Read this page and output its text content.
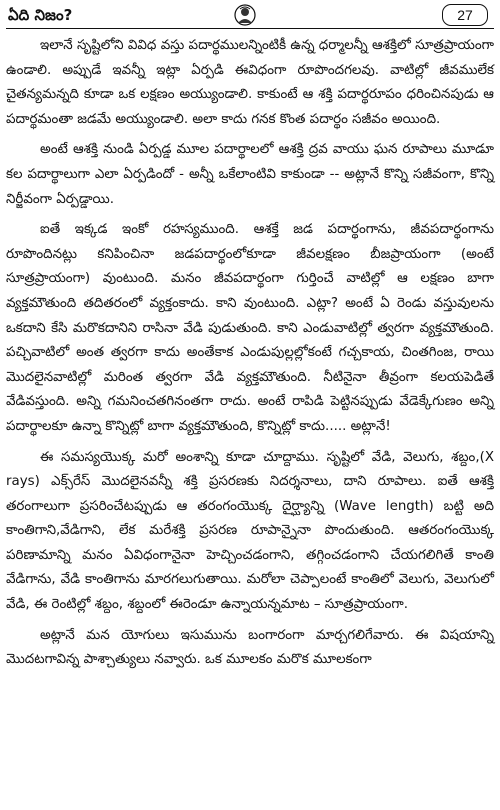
ఏది నిజం?	27

ఇలానే సృష్టిలోని వివిధ వస్తు పదార్థములన్నింటికీ ఉన్న ధర్మాలన్నీ ఆశక్తిలో సూత్రప్రాయంగా ఉండాలి. అప్పుడే ఇవన్నీ ఇట్లా ఏర్పడి ఈవిధంగా రూపొందగలవు. వాటిల్లో జీవములేక చైతన్యమన్నది కూడా ఒక లక్షణం అయ్యుండాలి. కాకుంటే ఆ శక్తి పదార్థరూపం ధరించినపుడు ఆ పదార్థమంతా జడమే అయ్యుండాలి. అలా కాదు గనక కొంత పదార్థం సజీవం అయింది.

అంటే ఆశక్తి నుండి ఏర్పడ్డ మూల పదార్థాలలో ఆశక్తి ద్రవ వాయు ఘన రూపాలు మూడూ కల పదార్థాలుగా ఎలా ఏర్పడిందో - అన్నీ ఒకేలాంటివి కాకుండా -- అట్లానే కొన్ని సజీవంగా, కొన్ని నిర్జీవంగా ఏర్పడ్డాయి.

ఐతే ఇక్కడ ఇంకో రహస్యముంది. ఆశక్తే జడ పదార్థంగాను, జీవపదార్థంగాను రూపొందినట్లు కనిపించినా జడపదార్థంలోకూడా జీవలక్షణం బీజప్రాయంగా (అంటే సూత్రప్రాయంగా) వుంటుంది. మనం జీవపదార్థంగా గుర్తించే వాటిల్లో ఆ లక్షణం బాగా వ్యక్తమౌతుంది తదితరంలో వ్యక్తంకాదు. కాని వుంటుంది. ఎట్లా? అంటే ఏ రెండు వస్తువులను ఒకదాని కేసి మరొకదానిని రాసినా వేడి పుడుతుంది. కాని ఎండువాటిల్లో త్వరగా వ్యక్తమౌతుంది. పచ్చివాటిలో అంత త్వరగా కాదు అంతేకాక ఎండుపుల్లల్లోకంటే గచ్చకాయ, చింతగింజ, రాయి మొదలైనవాటిల్లో మరింత త్వరగా వేడి వ్యక్తమౌతుంది. నీటినైనా తీవ్రంగా కలయపెడితే వేడివస్తుంది. అన్ని గమనించతగినంతగా రాదు. అంటే రాపిడి పెట్టినప్పుడు వేడెక్కేగుణం అన్ని పదార్థాలకూ ఉన్నా కొన్నిట్లో బాగా వ్యక్తమౌతుంది, కొన్నిట్లో కాదు..... అట్లానే!

ఈ సమస్యయొక్క మరో అంశాన్ని కూడా చూద్దాము. సృష్టిలో వేడి, వెలుగు, శబ్దం,(X rays) ఎక్స్‌రేస్ మొదలైనవన్నీ శక్తి ప్రసరణకు నిదర్శనాలు, దాని రూపాలు. ఐతే ఆశక్తి తరంగాలుగా ప్రసరించేటప్పుడు ఆ తరంగంయొక్క దైర్ఘ్యాన్ని (Wave length) బట్టి అది కాంతిగాని,వేడిగాని, లేక మరేశక్తి ప్రసరణ రూపాన్నైనా పొందుతుంది. ఆతరంగంయొక్క పరిణామాన్ని మనం ఏవిధంగానైనా హెచ్చించడంగాని, తగ్గించడంగాని చేయగలిగితే కాంతి వేడిగాను, వేడి కాంతిగాను మారగలుగుతాయి. మరోలా చెప్పాలంటే కాంతిలో వెలుగు, వెలుగులో వేడి, ఈ రెంటిల్లో శబ్దం, శబ్దంలో ఈరెండూ ఉన్నాయన్నమాట – సూత్రప్రాయంగా.

అట్లానే మన యోగులు ఇసుమును బంగారంగా మార్చగలిగేవారు. ఈ విషయాన్ని మొదటగావిన్న పాశ్చాత్యులు నవ్వారు. ఒక మూలకం మరొక మూలకంగా
